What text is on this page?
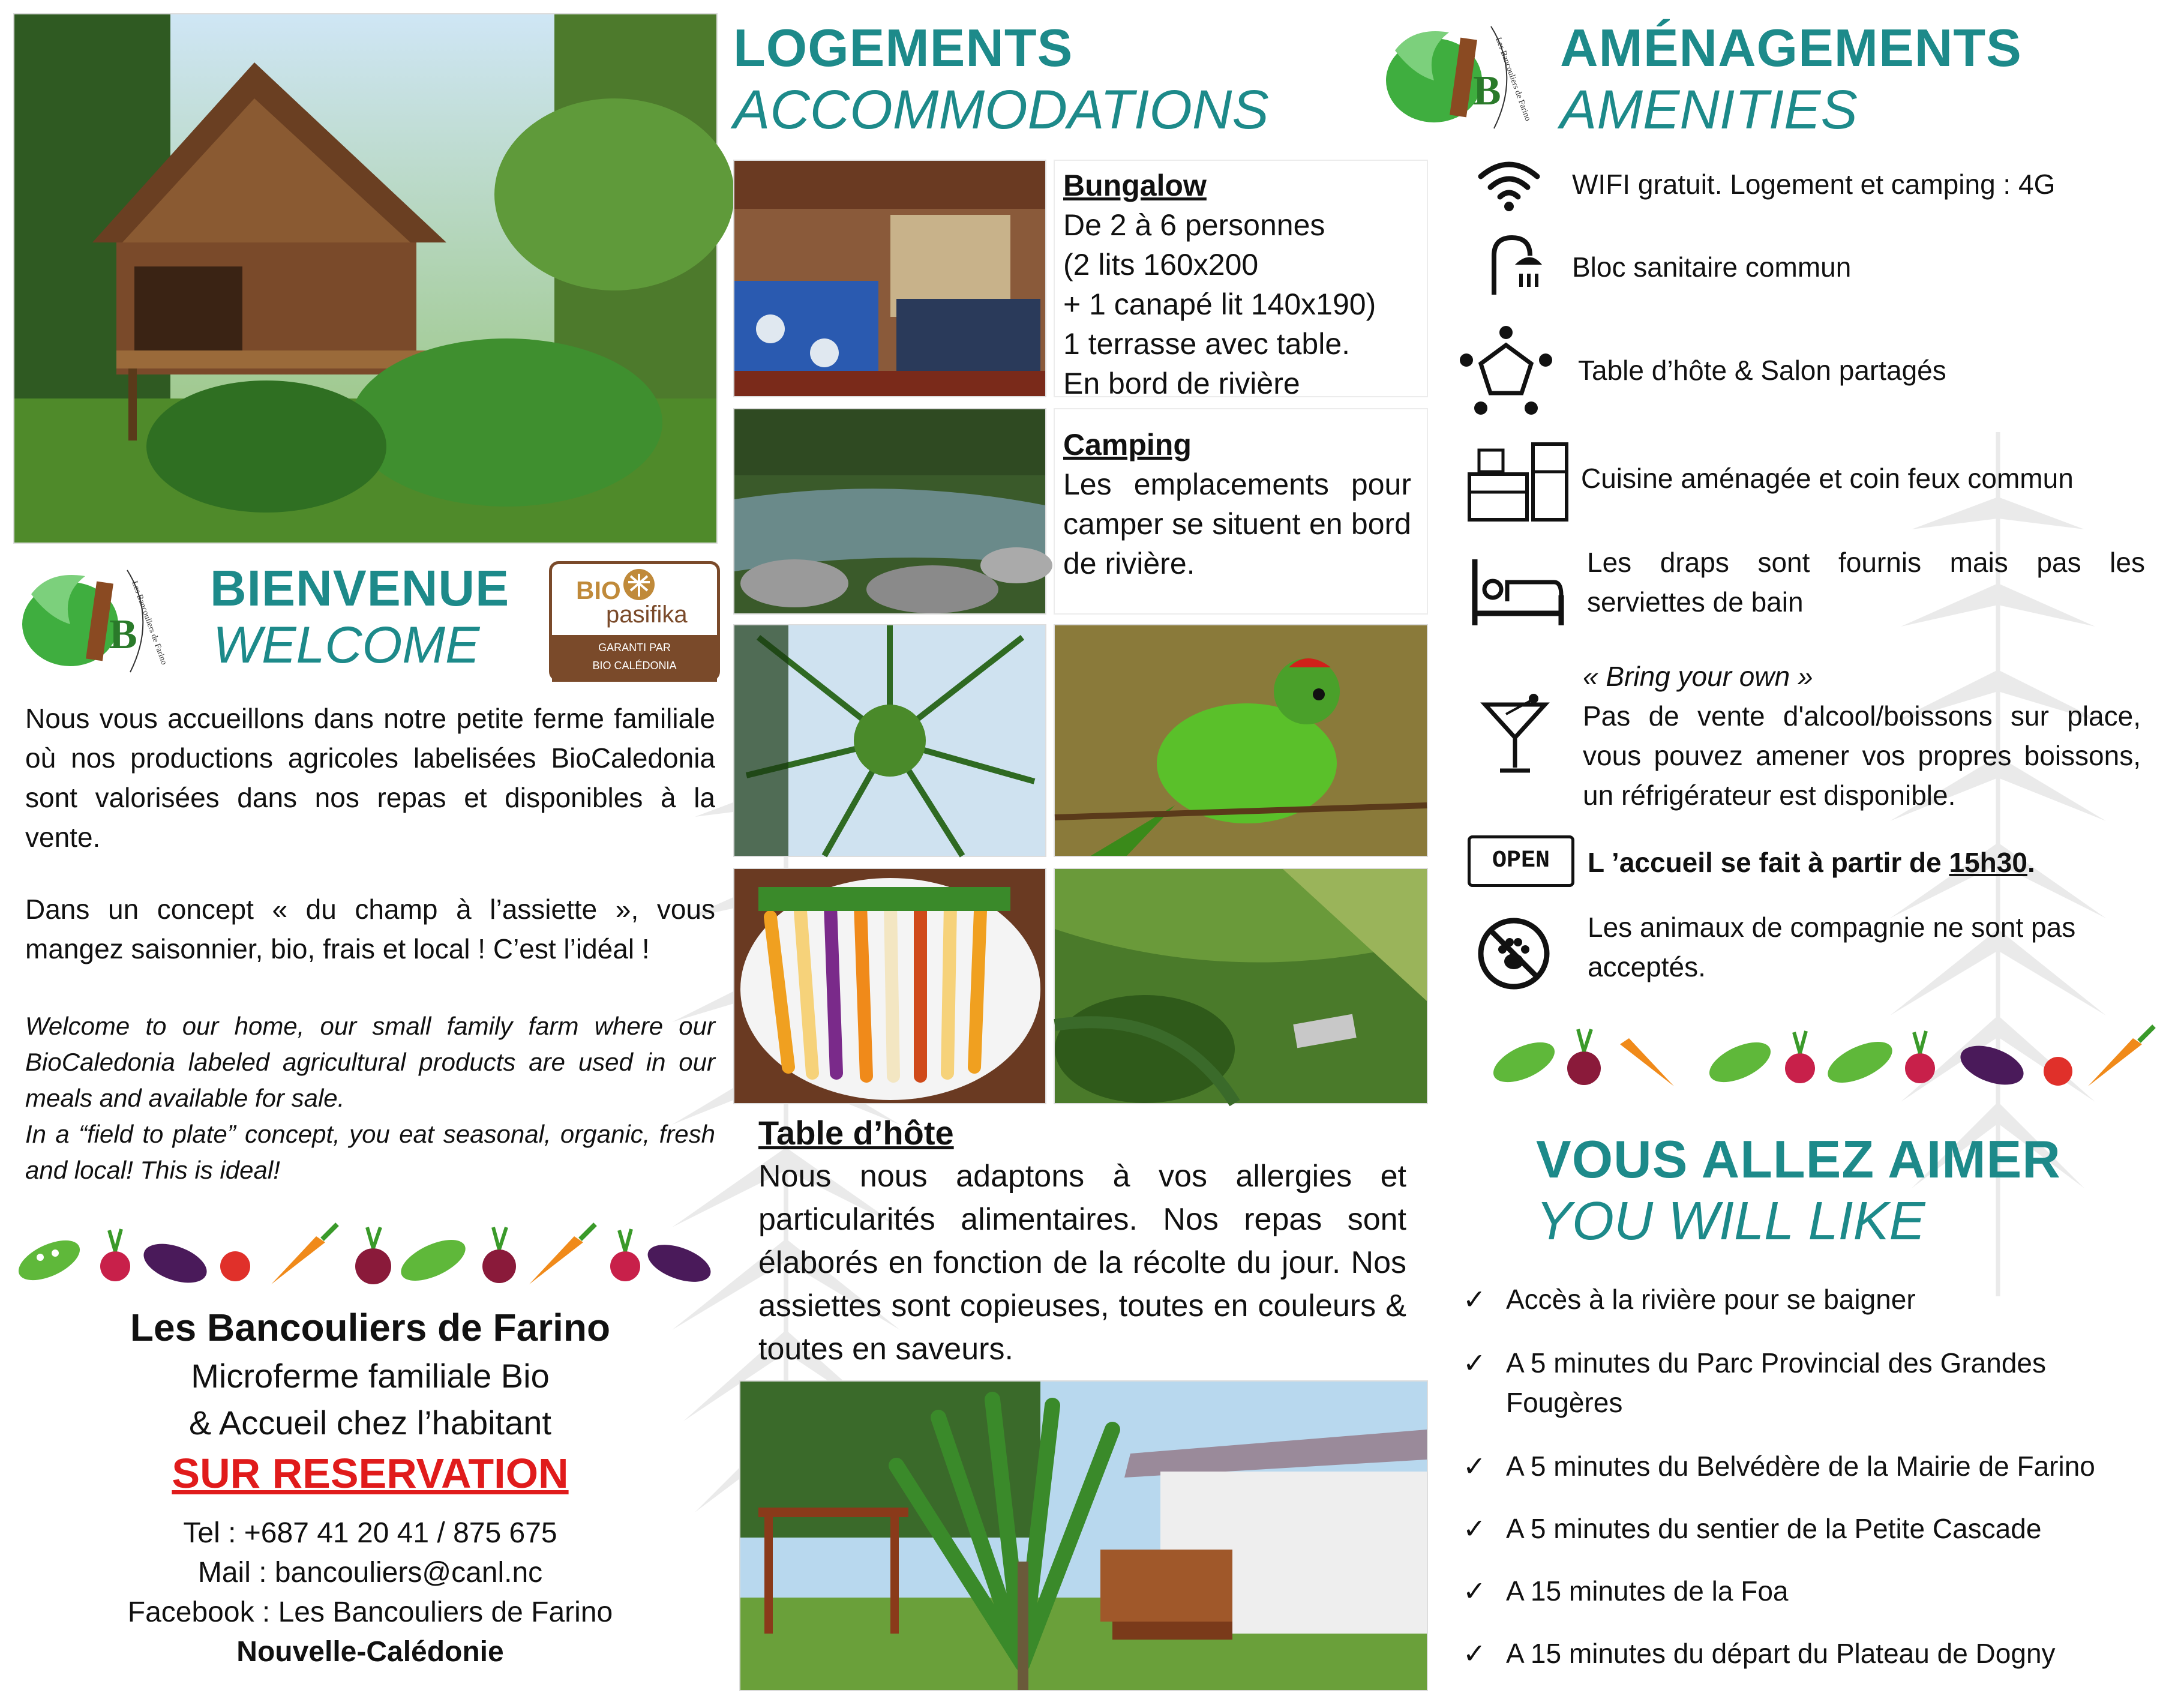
B
Les Bancouliers de Farino BIENVENUE
WELCOME
BIO
pasifika
GARANTI PAR
BIO CALÉDONIA
Nous vous accueillons dans notre petite ferme familiale où nos productions agricoles labelisées BioCaledonia sont valorisées dans nos repas et disponibles à la vente.
Dans un concept « du champ à l’assiette », vous mangez saisonnier, bio, frais et local ! C’est l’idéal !
Welcome to our home, our small family farm where our BioCaledonia labeled agricultural products are used in our meals and available for sale.
In a “field to plate” concept, you eat seasonal, organic, fresh and local! This is ideal!
Les Bancouliers de Farino
Microferme familiale Bio
& Accueil chez l’habitant
SUR RESERVATION
Tel : +687 41 20 41 / 875 675
Mail : bancouliers@canl.nc
Facebook : Les Bancouliers de Farino
Nouvelle-Calédonie
LOGEMENTS
ACCOMMODATIONS
Bungalow
De 2 à 6 personnes
(2 lits 160x200
+ 1 canapé lit 140x190)
1 terrasse avec table.
En bord de rivière
Camping
Les emplacements pour camper se situent en bord de rivière.
Table d’hôte
Nous nous adaptons à vos allergies et particularités alimentaires. Nos repas sont élaborés en fonction de la récolte du jour. Nos assiettes sont copieuses, toutes en couleurs & toutes en saveurs.
B
Les Bancouliers de Farino AMÉNAGEMENTS
AMENITIES
WIFI gratuit. Logement et camping : 4G
Bloc sanitaire commun
Table d’hôte & Salon partagés
Cuisine aménagée et coin feux commun
Les draps sont fournis mais pas les serviettes de bain
« Bring your own »
Pas de vente d'alcool/boissons sur place, vous pouvez amener vos propres boissons, un réfrigérateur est disponible.
OPEN	L ’accueil se fait à partir de 15h30.
Les animaux de compagnie ne sont pas acceptés.
VOUS ALLEZ AIMER
YOU WILL LIKE
✓ Accès à la rivière pour se baigner
✓ A 5 minutes du Parc Provincial des Grandes Fougères
✓ A 5 minutes du Belvédère de la Mairie de Farino
✓ A 5 minutes du sentier de la Petite Cascade
✓ A 15 minutes de la Foa
✓ A 15 minutes du départ du Plateau de Dogny
